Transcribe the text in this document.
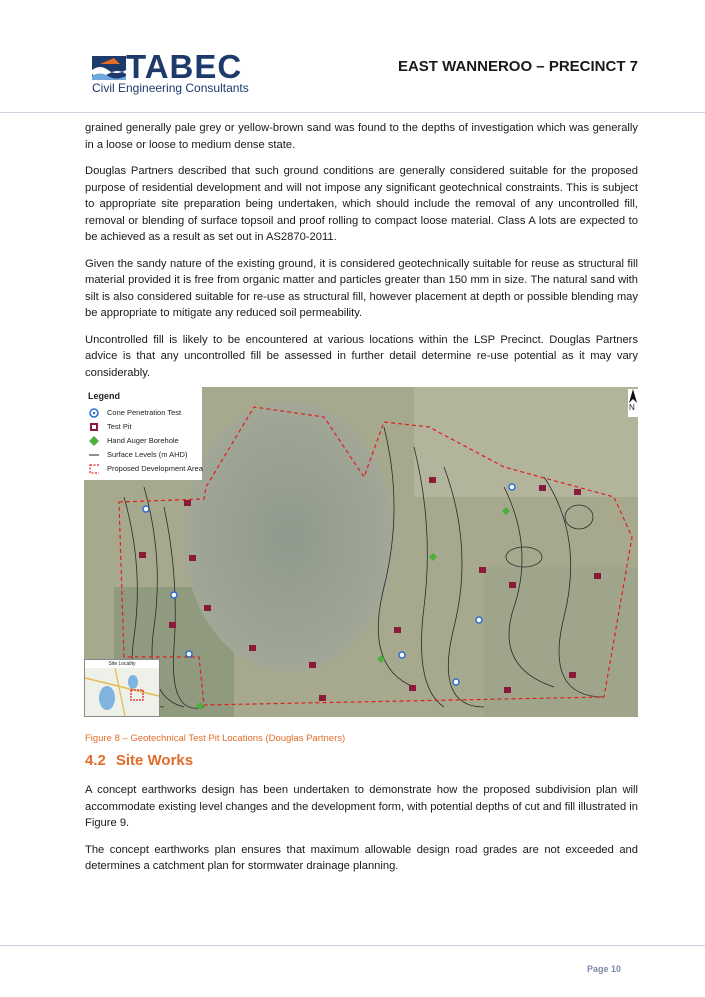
TABEC
Civil Engineering Consultants
EAST WANNEROO – PRECINCT 7

grained generally pale grey or yellow-brown sand was found to the depths of investigation which was generally in a loose or loose to medium dense state.

Douglas Partners described that such ground conditions are generally considered suitable for the proposed purpose of residential development and will not impose any significant geotechnical constraints. This is subject to appropriate site preparation being undertaken, which should include the removal of any uncontrolled fill, removal or blending of surface topsoil and proof rolling to compact loose material. Class A lots are expected to be achieved as a result as set out in AS2870-2011.

Given the sandy nature of the existing ground, it is considered geotechnically suitable for reuse as structural fill material provided it is free from organic matter and particles greater than 150 mm in size. The natural sand with silt is also considered suitable for re-use as structural fill, however placement at depth or possible blending may be appropriate to mitigate any reduced soil permeability.

Uncontrolled fill is likely to be encountered at various locations within the LSP Precinct. Douglas Partners advice is that any uncontrolled fill be assessed in further detail determine re-use potential as it may vary considerably.

Legend
Cone Penetration Test
Test Pit
Hand Auger Borehole
Surface Levels (m AHD)
Proposed Development Area
N
Site Locality
Figure 8 – Geotechnical Test Pit Locations (Douglas Partners)
4.2 Site Works

A concept earthworks design has been undertaken to demonstrate how the proposed subdivision plan will accommodate existing level changes and the development form, with potential depths of cut and fill illustrated in Figure 9.

The concept earthworks plan ensures that maximum allowable design road grades are not exceeded and determines a catchment plan for stormwater drainage planning.

Page 10
